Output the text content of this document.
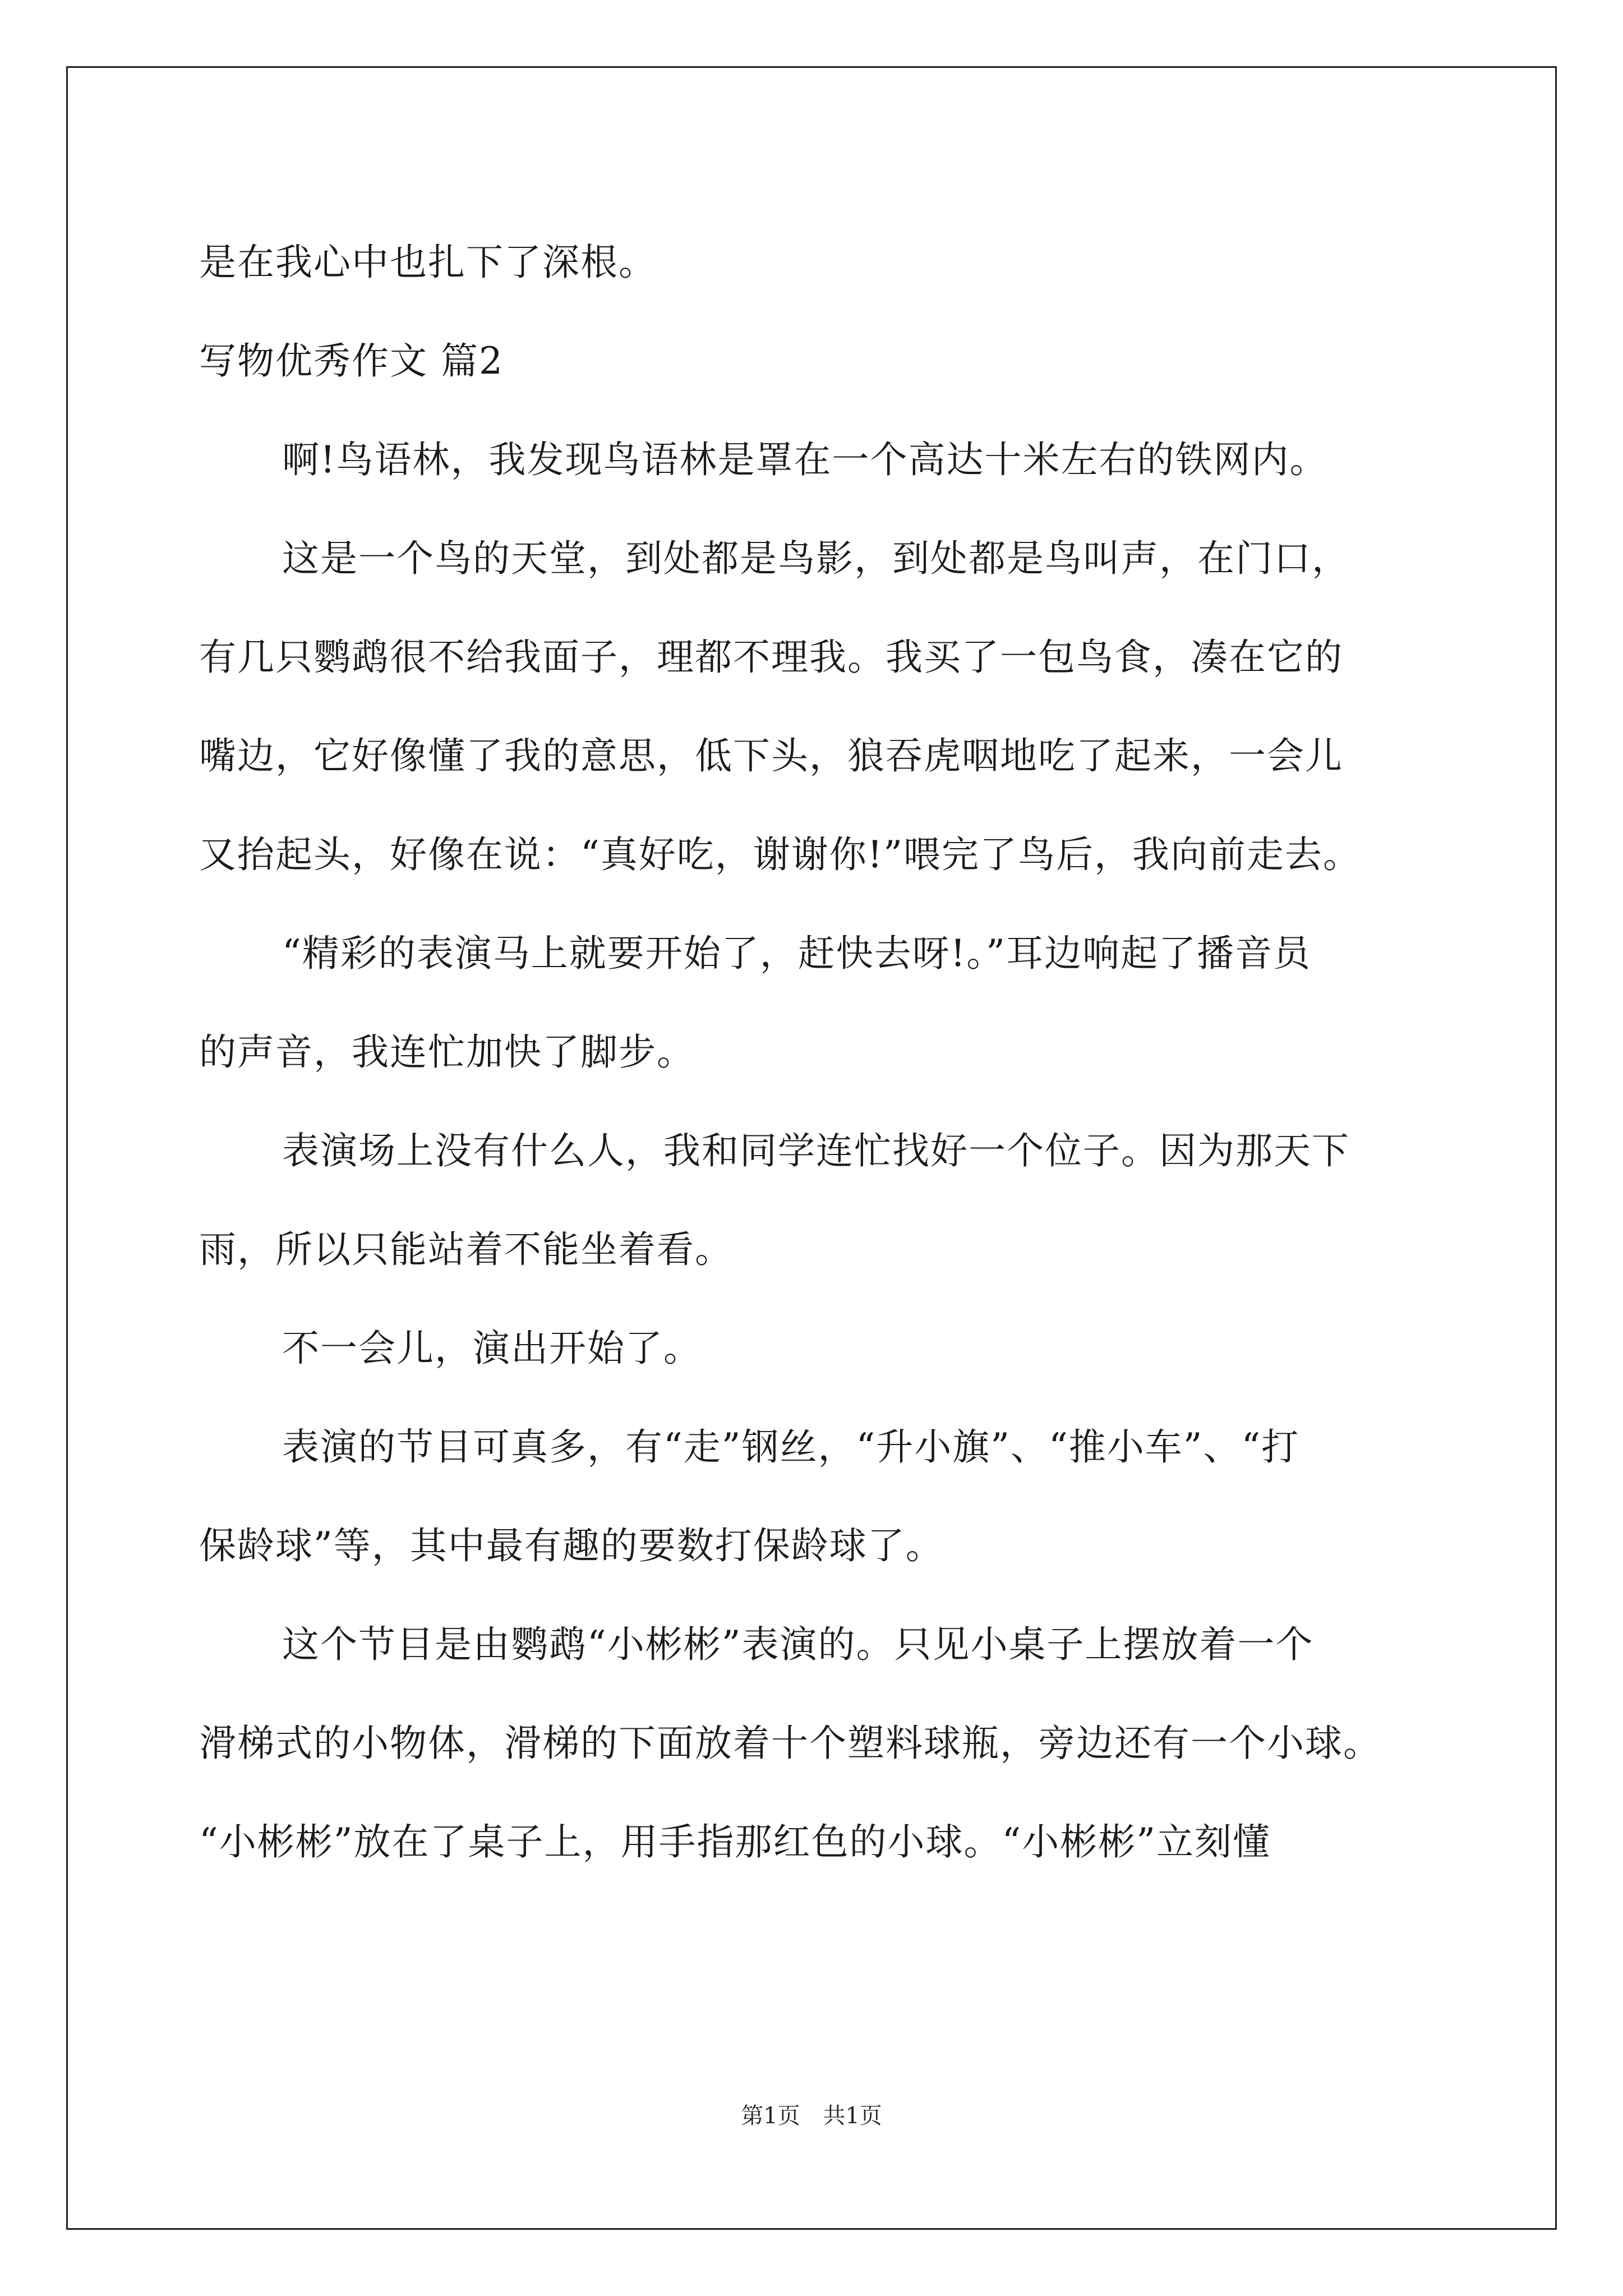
是在我心中也扎下了深根。
写物优秀作文 篇2
啊!鸟语林，我发现鸟语林是罩在一个高达十米左右的铁网内。
这是一个鸟的天堂，到处都是鸟影，到处都是鸟叫声，在门口，
有几只鹦鹉很不给我面子，理都不理我。我买了一包鸟食，凑在它的
嘴边，它好像懂了我的意思，低下头，狼吞虎咽地吃了起来，一会儿
又抬起头，好像在说：“真好吃，谢谢你!”喂完了鸟后，我向前走去。
“精彩的表演马上就要开始了，赶快去呀!。”耳边响起了播音员
的声音，我连忙加快了脚步。
表演场上没有什么人，我和同学连忙找好一个位子。因为那天下
雨，所以只能站着不能坐着看。
不一会儿，演出开始了。
表演的节目可真多，有“走”钢丝，“升小旗”、“推小车”、“打
保龄球”等，其中最有趣的要数打保龄球了。
这个节目是由鹦鹉“小彬彬”表演的。只见小桌子上摆放着一个
滑梯式的小物体，滑梯的下面放着十个塑料球瓶，旁边还有一个小球。
“小彬彬”放在了桌子上，用手指那红色的小球。“小彬彬”立刻懂
第1页 共1页
